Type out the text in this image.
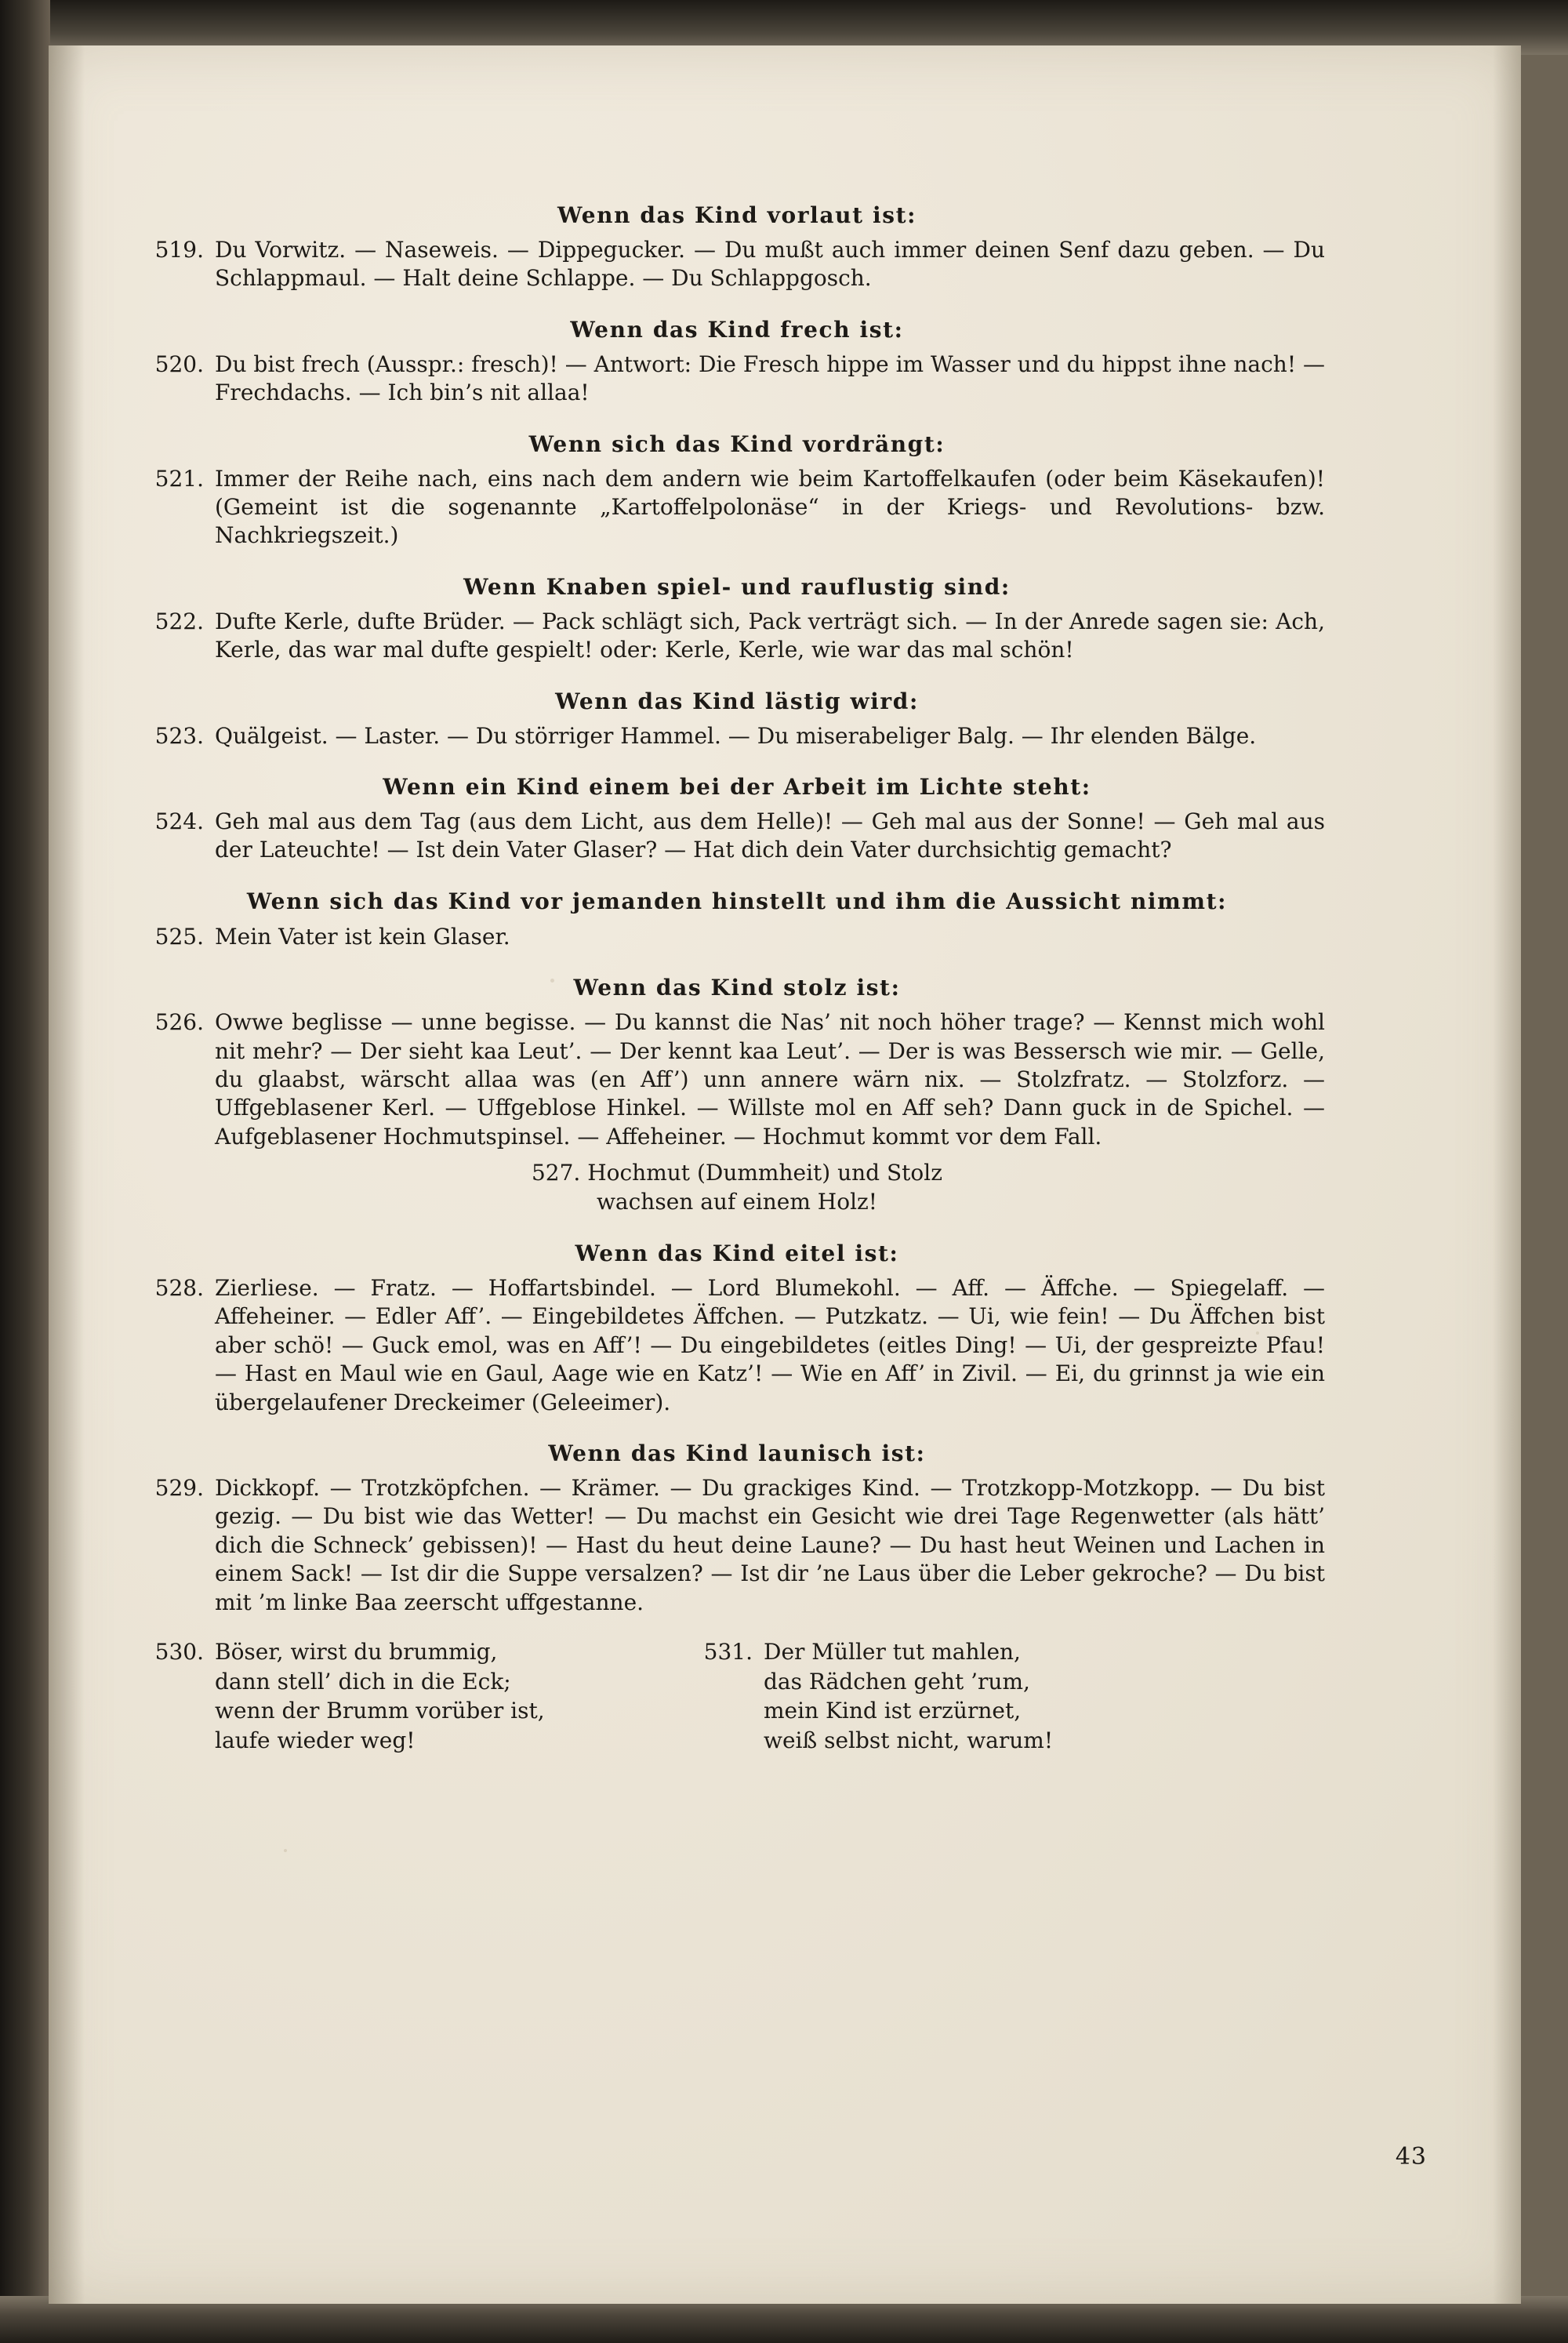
Wenn das Kind vorlaut ist:
519. Du Vorwitz. — Naseweis. — Dippegucker. — Du mußt auch immer deinen Senf dazu geben. — Du Schlappmaul. — Halt deine Schlappe. — Du Schlappgosch.
Wenn das Kind frech ist:
520. Du bist frech (Ausspr.: fresch)! — Antwort: Die Fresch hippe im Wasser und du hippst ihne nach! — Frechdachs. — Ich bin’s nit allaa!
Wenn sich das Kind vordrängt:
521. Immer der Reihe nach, eins nach dem andern wie beim Kartoffelkaufen (oder beim Käsekaufen)! (Gemeint ist die sogenannte „Kartoffelpolonäse“ in der Kriegs- und Revolutions- bzw. Nachkriegszeit.)
Wenn Knaben spiel- und rauflustig sind:
522. Dufte Kerle, dufte Brüder. — Pack schlägt sich, Pack verträgt sich. — In der Anrede sagen sie: Ach, Kerle, das war mal dufte gespielt! oder: Kerle, Kerle, wie war das mal schön!
Wenn das Kind lästig wird:
523. Quälgeist. — Laster. — Du störriger Hammel. — Du miserabeliger Balg. — Ihr elenden Bälge.
Wenn ein Kind einem bei der Arbeit im Lichte steht:
524. Geh mal aus dem Tag (aus dem Licht, aus dem Helle)! — Geh mal aus der Sonne! — Geh mal aus der Lateuchte! — Ist dein Vater Glaser? — Hat dich dein Vater durchsichtig gemacht?
Wenn sich das Kind vor jemanden hinstellt und ihm die Aussicht nimmt:
525. Mein Vater ist kein Glaser.
Wenn das Kind stolz ist:
526. Owwe beglisse — unne begisse. — Du kannst die Nas’ nit noch höher trage? — Kennst mich wohl nit mehr? — Der sieht kaa Leut’. — Der kennt kaa Leut’. — Der is was Bessersch wie mir. — Gelle, du glaabst, wärscht allaa was (en Aff’) unn annere wärn nix. — Stolzfratz. — Stolzforz. — Uffgeblasener Kerl. — Uffgeblose Hinkel. — Willste mol en Aff seh? Dann guck in de Spichel. — Aufgeblasener Hochmutspinsel. — Affeheiner. — Hochmut kommt vor dem Fall.
527. Hochmut (Dummheit) und Stolz
wachsen auf einem Holz!
Wenn das Kind eitel ist:
528. Zierliese. — Fratz. — Hoffartsbindel. — Lord Blumekohl. — Aff. — Äffche. — Spiegelaff. — Affeheiner. — Edler Aff’. — Eingebildetes Äffchen. — Putzkatz. — Ui, wie fein! — Du Äffchen bist aber schö! — Guck emol, was en Aff’! — Du eingebildetes (eitles Ding! — Ui, der gespreizte Pfau! — Hast en Maul wie en Gaul, Aage wie en Katz’! — Wie en Aff’ in Zivil. — Ei, du grinnst ja wie ein übergelaufener Dreckeimer (Geleeimer).
Wenn das Kind launisch ist:
529. Dickkopf. — Trotzköpfchen. — Krämer. — Du grackiges Kind. — Trotzkopp-Motzkopp. — Du bist gezig. — Du bist wie das Wetter! — Du machst ein Gesicht wie drei Tage Regenwetter (als hätt’ dich die Schneck’ gebissen)! — Hast du heut deine Laune? — Du hast heut Weinen und Lachen in einem Sack! — Ist dir die Suppe versalzen? — Ist dir ’ne Laus über die Leber gekroche? — Du bist mit ’m linke Baa zeerscht uffgestanne.
530. Böser, wirst du brummig,
dann stell’ dich in die Eck;
wenn der Brumm vorüber ist,
laufe wieder weg!
531. Der Müller tut mahlen,
das Rädchen geht ’rum,
mein Kind ist erzürnet,
weiß selbst nicht, warum!
43
